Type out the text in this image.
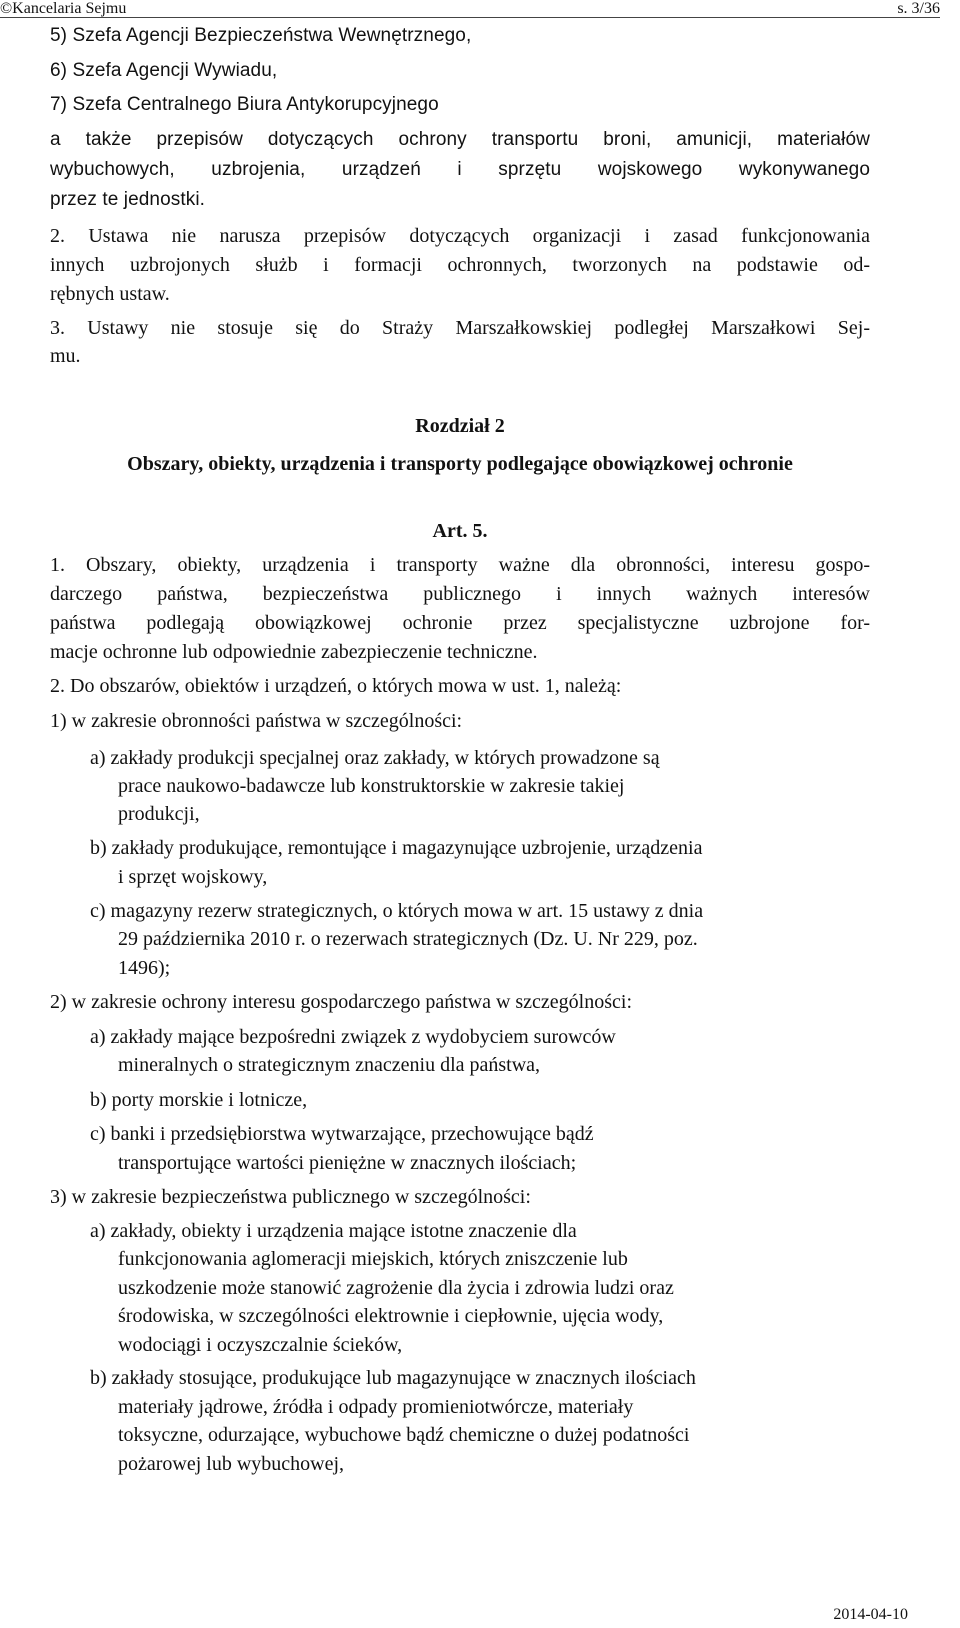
©Kancelaria Sejmu	s. 3/36
5) Szefa Agencji Bezpieczeństwa Wewnętrznego,
6) Szefa Agencji Wywiadu,
7) Szefa Centralnego Biura Antykorupcyjnego
a także przepisów dotyczących ochrony transportu broni, amunicji, materiałów
wybuchowych, uzbrojenia, urządzeń i sprzętu wojskowego wykonywanego
przez te jednostki.
2. Ustawa nie narusza przepisów dotyczących organizacji i zasad funkcjonowania
innych uzbrojonych służb i formacji ochronnych, tworzonych na podstawie od-
rębnych ustaw.
3. Ustawy nie stosuje się do Straży Marszałkowskiej podległej Marszałkowi Sej-
mu.
Rozdział 2
Obszary, obiekty, urządzenia i transporty podlegające obowiązkowej ochronie
Art. 5.
1. Obszary, obiekty, urządzenia i transporty ważne dla obronności, interesu gospo-
darczego państwa, bezpieczeństwa publicznego i innych ważnych interesów
państwa podlegają obowiązkowej ochronie przez specjalistyczne uzbrojone for-
macje ochronne lub odpowiednie zabezpieczenie techniczne.
2. Do obszarów, obiektów i urządzeń, o których mowa w ust. 1, należą:
1) w zakresie obronności państwa w szczególności:
a) zakłady produkcji specjalnej oraz zakłady, w których prowadzone są
prace naukowo-badawcze lub konstruktorskie w zakresie takiej
produkcji,
b) zakłady produkujące, remontujące i magazynujące uzbrojenie, urządzenia
i sprzęt wojskowy,
c) magazyny rezerw strategicznych, o których mowa w art. 15 ustawy z dnia
29 października 2010 r. o rezerwach strategicznych (Dz. U. Nr 229, poz.
1496);
2) w zakresie ochrony interesu gospodarczego państwa w szczególności:
a) zakłady mające bezpośredni związek z wydobyciem surowców
mineralnych o strategicznym znaczeniu dla państwa,
b) porty morskie i lotnicze,
c) banki i przedsiębiorstwa wytwarzające, przechowujące bądź
transportujące wartości pieniężne w znacznych ilościach;
3) w zakresie bezpieczeństwa publicznego w szczególności:
a) zakłady, obiekty i urządzenia mające istotne znaczenie dla
funkcjonowania aglomeracji miejskich, których zniszczenie lub
uszkodzenie może stanowić zagrożenie dla życia i zdrowia ludzi oraz
środowiska, w szczególności elektrownie i ciepłownie, ujęcia wody,
wodociągi i oczyszczalnie ścieków,
b) zakłady stosujące, produkujące lub magazynujące w znacznych ilościach
materiały jądrowe, źródła i odpady promieniotwórcze, materiały
toksyczne, odurzające, wybuchowe bądź chemiczne o dużej podatności
pożarowej lub wybuchowej,
2014-04-10
